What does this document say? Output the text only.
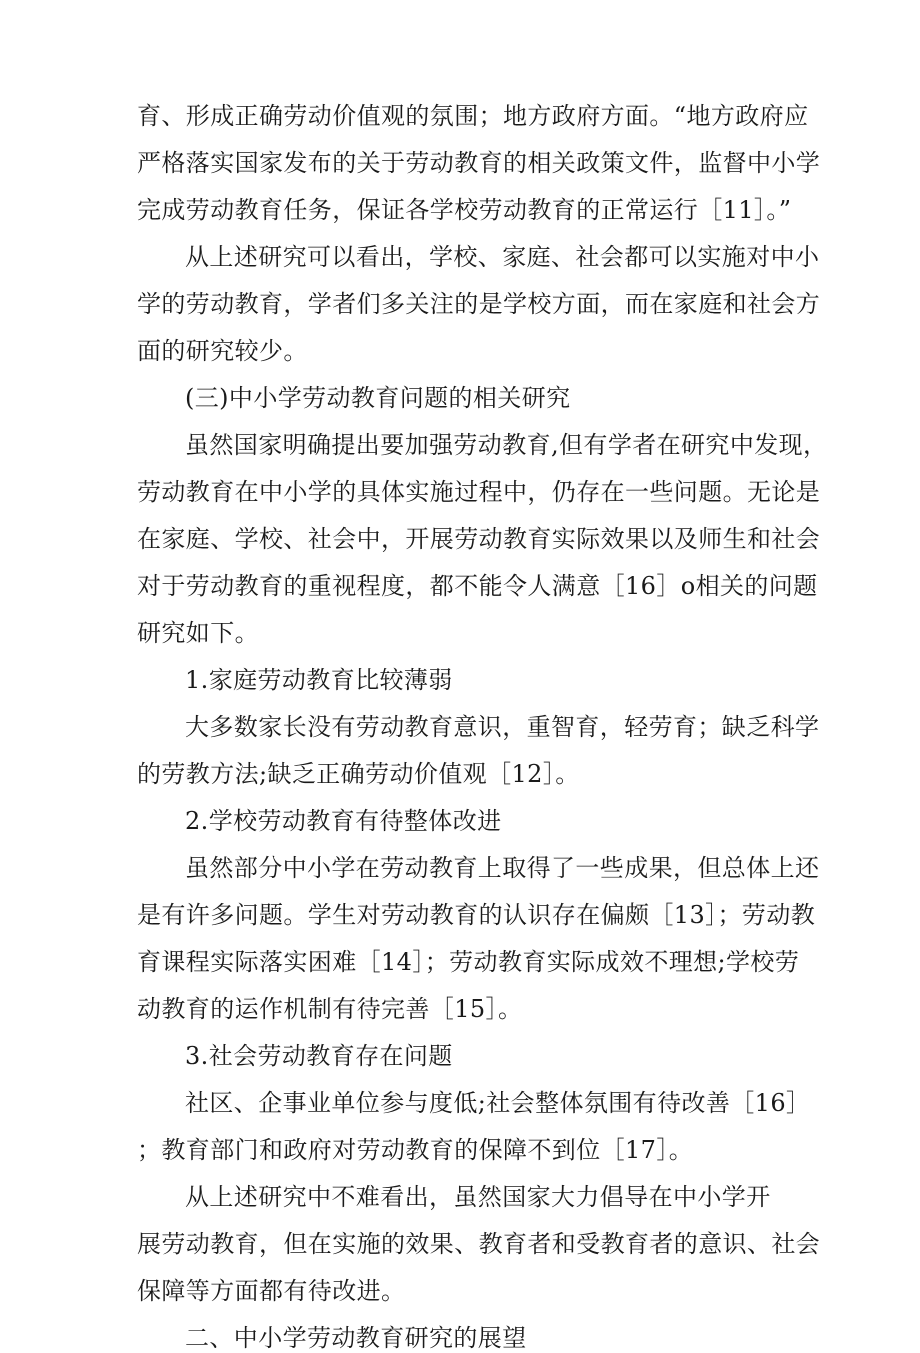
育、形成正确劳动价值观的氛围；地方政府方面。“地方政府应
严格落实国家发布的关于劳动教育的相关政策文件，监督中小学
完成劳动教育任务，保证各学校劳动教育的正常运行［11］。”
从上述研究可以看出，学校、家庭、社会都可以实施对中小
学的劳动教育，学者们多关注的是学校方面，而在家庭和社会方
面的研究较少。
(三)中小学劳动教育问题的相关研究
虽然国家明确提出要加强劳动教育,但有学者在研究中发现，
劳动教育在中小学的具体实施过程中，仍存在一些问题。无论是
在家庭、学校、社会中，开展劳动教育实际效果以及师生和社会
对于劳动教育的重视程度，都不能令人满意［16］o相关的问题
研究如下。
1.家庭劳动教育比较薄弱
大多数家长没有劳动教育意识，重智育，轻劳育；缺乏科学
的劳教方法;缺乏正确劳动价值观［12］。
2.学校劳动教育有待整体改进
虽然部分中小学在劳动教育上取得了一些成果，但总体上还
是有许多问题。学生对劳动教育的认识存在偏颇［13］；劳动教
育课程实际落实困难［14］；劳动教育实际成效不理想;学校劳
动教育的运作机制有待完善［15］。
3.社会劳动教育存在问题
社区、企事业单位参与度低;社会整体氛围有待改善［16］
；教育部门和政府对劳动教育的保障不到位［17］。
从上述研究中不难看出，虽然国家大力倡导在中小学开
展劳动教育，但在实施的效果、教育者和受教育者的意识、社会
保障等方面都有待改进。
二、中小学劳动教育研究的展望
